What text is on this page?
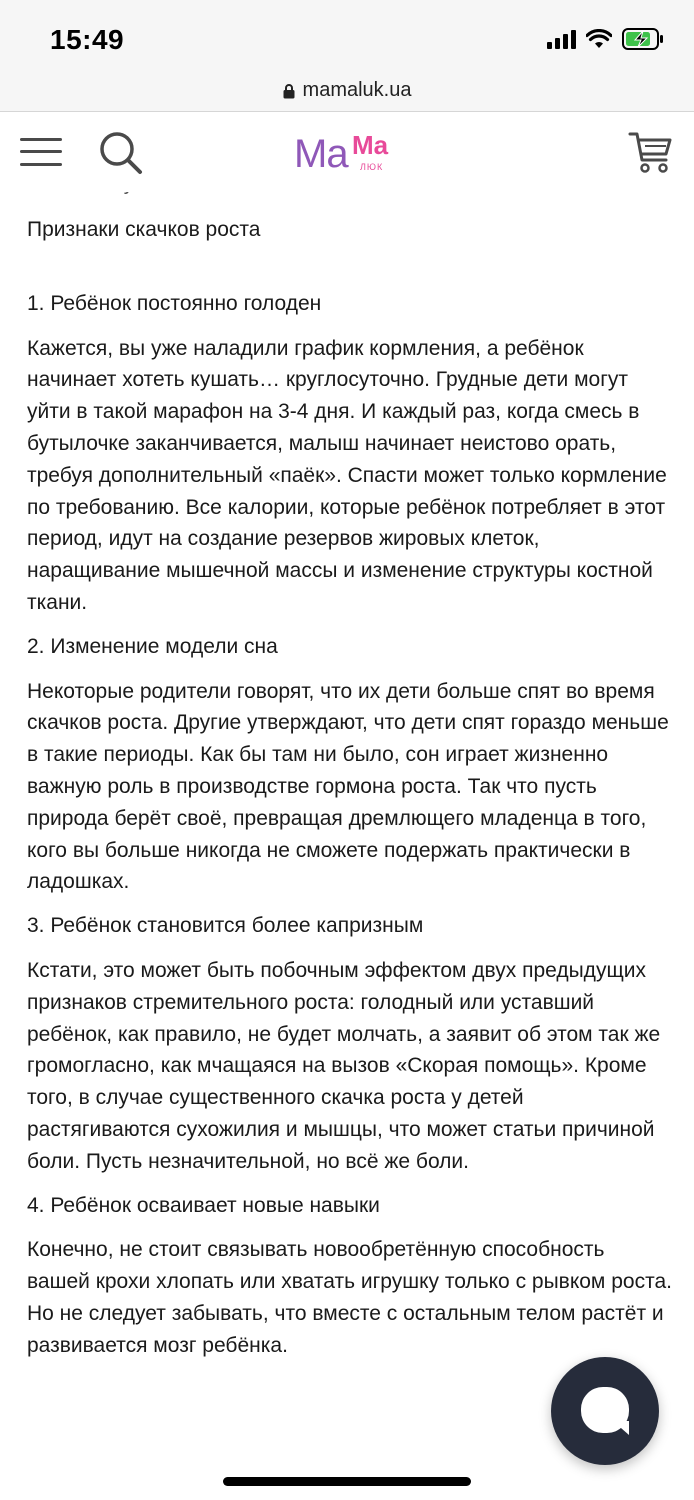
15:49
mamaluk.ua
Ma Ma
ЛЮК
Признаки скачков роста
1. Ребёнок постоянно голоден
Кажется, вы уже наладили график кормления, а ребёнок начинает хотеть кушать… круглосуточно. Грудные дети могут уйти в такой марафон на 3-4 дня. И каждый раз, когда смесь в бутылочке заканчивается, малыш начинает неистово орать, требуя дополнительный «паёк». Спасти может только кормление по требованию. Все калории, которые ребёнок потребляет в этот период, идут на создание резервов жировых клеток, наращивание мышечной массы и изменение структуры костной ткани.
2. Изменение модели сна
Некоторые родители говорят, что их дети больше спят во время скачков роста. Другие утверждают, что дети спят гораздо меньше в такие периоды. Как бы там ни было, сон играет жизненно важную роль в производстве гормона роста. Так что пусть природа берёт своё, превращая дремлющего младенца в того, кого вы больше никогда не сможете подержать практически в ладошках.
3. Ребёнок становится более капризным
Кстати, это может быть побочным эффектом двух предыдущих признаков стремительного роста: голодный или уставший ребёнок, как правило, не будет молчать, а заявит об этом так же громогласно, как мчащаяся на вызов «Скорая помощь». Кроме того, в случае существенного скачка роста у детей растягиваются сухожилия и мышцы, что может статьи причиной боли. Пусть незначительной, но всё же боли.
4. Ребёнок осваивает новые навыки
Конечно, не стоит связывать новообретённую способность вашей крохи хлопать или хватать игрушку только с рывком роста. Но не следует забывать, что вместе с остальным телом растёт и развивается мозг ребёнка.
